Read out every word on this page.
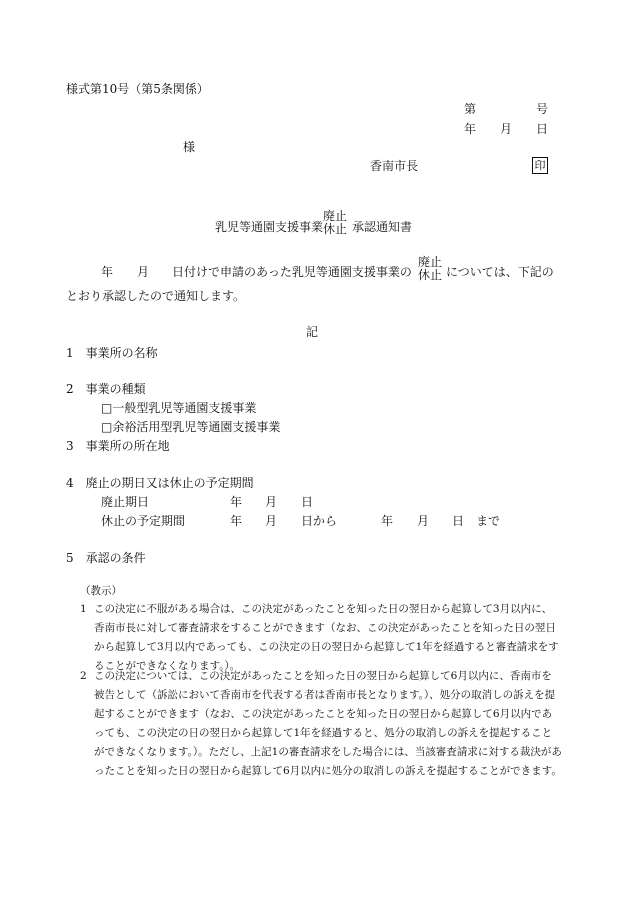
様式第10号（第5条関係）
第	号
年 月 日
様
香南市長	印
乳児等通園支援事業
廃止
休止 承認通知書
年 月 日付けで申請のあった乳児等通園支援事業の
廃止
休止 については、下記の
とおり承認したので通知します。
記
1　事業所の名称
2　事業の種類
□一般型乳児等通園支援事業
□余裕活用型乳児等通園支援事業
3　事業所の所在地
4　廃止の期日又は休止の予定期間
廃止期日	年 月 日
休止の予定期間	年 月 日から	年 月 日　まで
5　承認の条件
（教示）
1 この決定に不服がある場合は、この決定があったことを知った日の翌日から起算して3月以内に、香南市長に対して審査請求をすることができます（なお、この決定があったことを知った日の翌日から起算して3月以内であっても、この決定の日の翌日から起算して1年を経過すると審査請求をすることができなくなります。）。
2 この決定については、この決定があったことを知った日の翌日から起算して6月以内に、香南市を被告として（訴訟において香南市を代表する者は香南市長となります。）、処分の取消しの訴えを提起することができます（なお、この決定があったことを知った日の翌日から起算して6月以内であっても、この決定の日の翌日から起算して1年を経過すると、処分の取消しの訴えを提起することができなくなります。）。ただし、上記1の審査請求をした場合には、当該審査請求に対する裁決があったことを知った日の翌日から起算して6月以内に処分の取消しの訴えを提起することができます。
